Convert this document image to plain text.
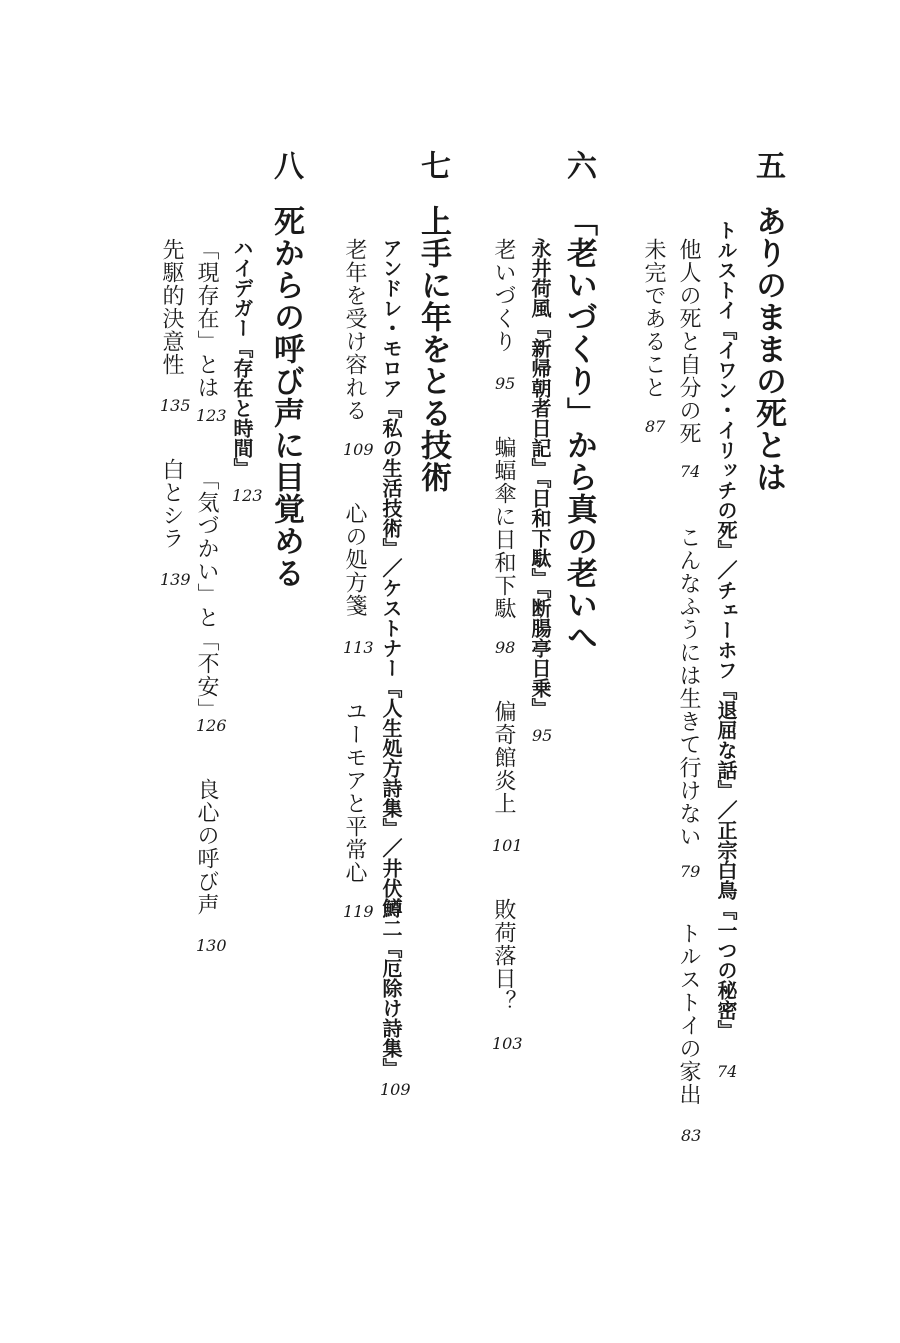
五
ありのままの死とは
トルストイ『イワン・イリッチの死』／チェーホフ『退屈な話』／正宗白鳥『一つの秘密』
74
他人の死と自分の死
74
こんなふうには生きて行けない
79
トルストイの家出
83
未完であること
87
六
「老いづくり」から真の老いへ
永井荷風『新帰朝者日記』『日和下駄』『断腸亭日乗』
95
老いづくり
95
蝙蝠傘に日和下駄
98
偏奇館炎上
101
敗荷落日？
103
七
上手に年をとる技術
アンドレ・モロア『私の生活技術』／ケストナー『人生処方詩集』／井伏鱒二『厄除け詩集』
109
老年を受け容れる
109
心の処方箋
113
ユーモアと平常心
119
八
死からの呼び声に目覚める
ハイデガー『存在と時間』
123
「現存在」とは
123
「気づかい」と「不安」
126
良心の呼び声
130
先駆的決意性
135
白とシラ
139
